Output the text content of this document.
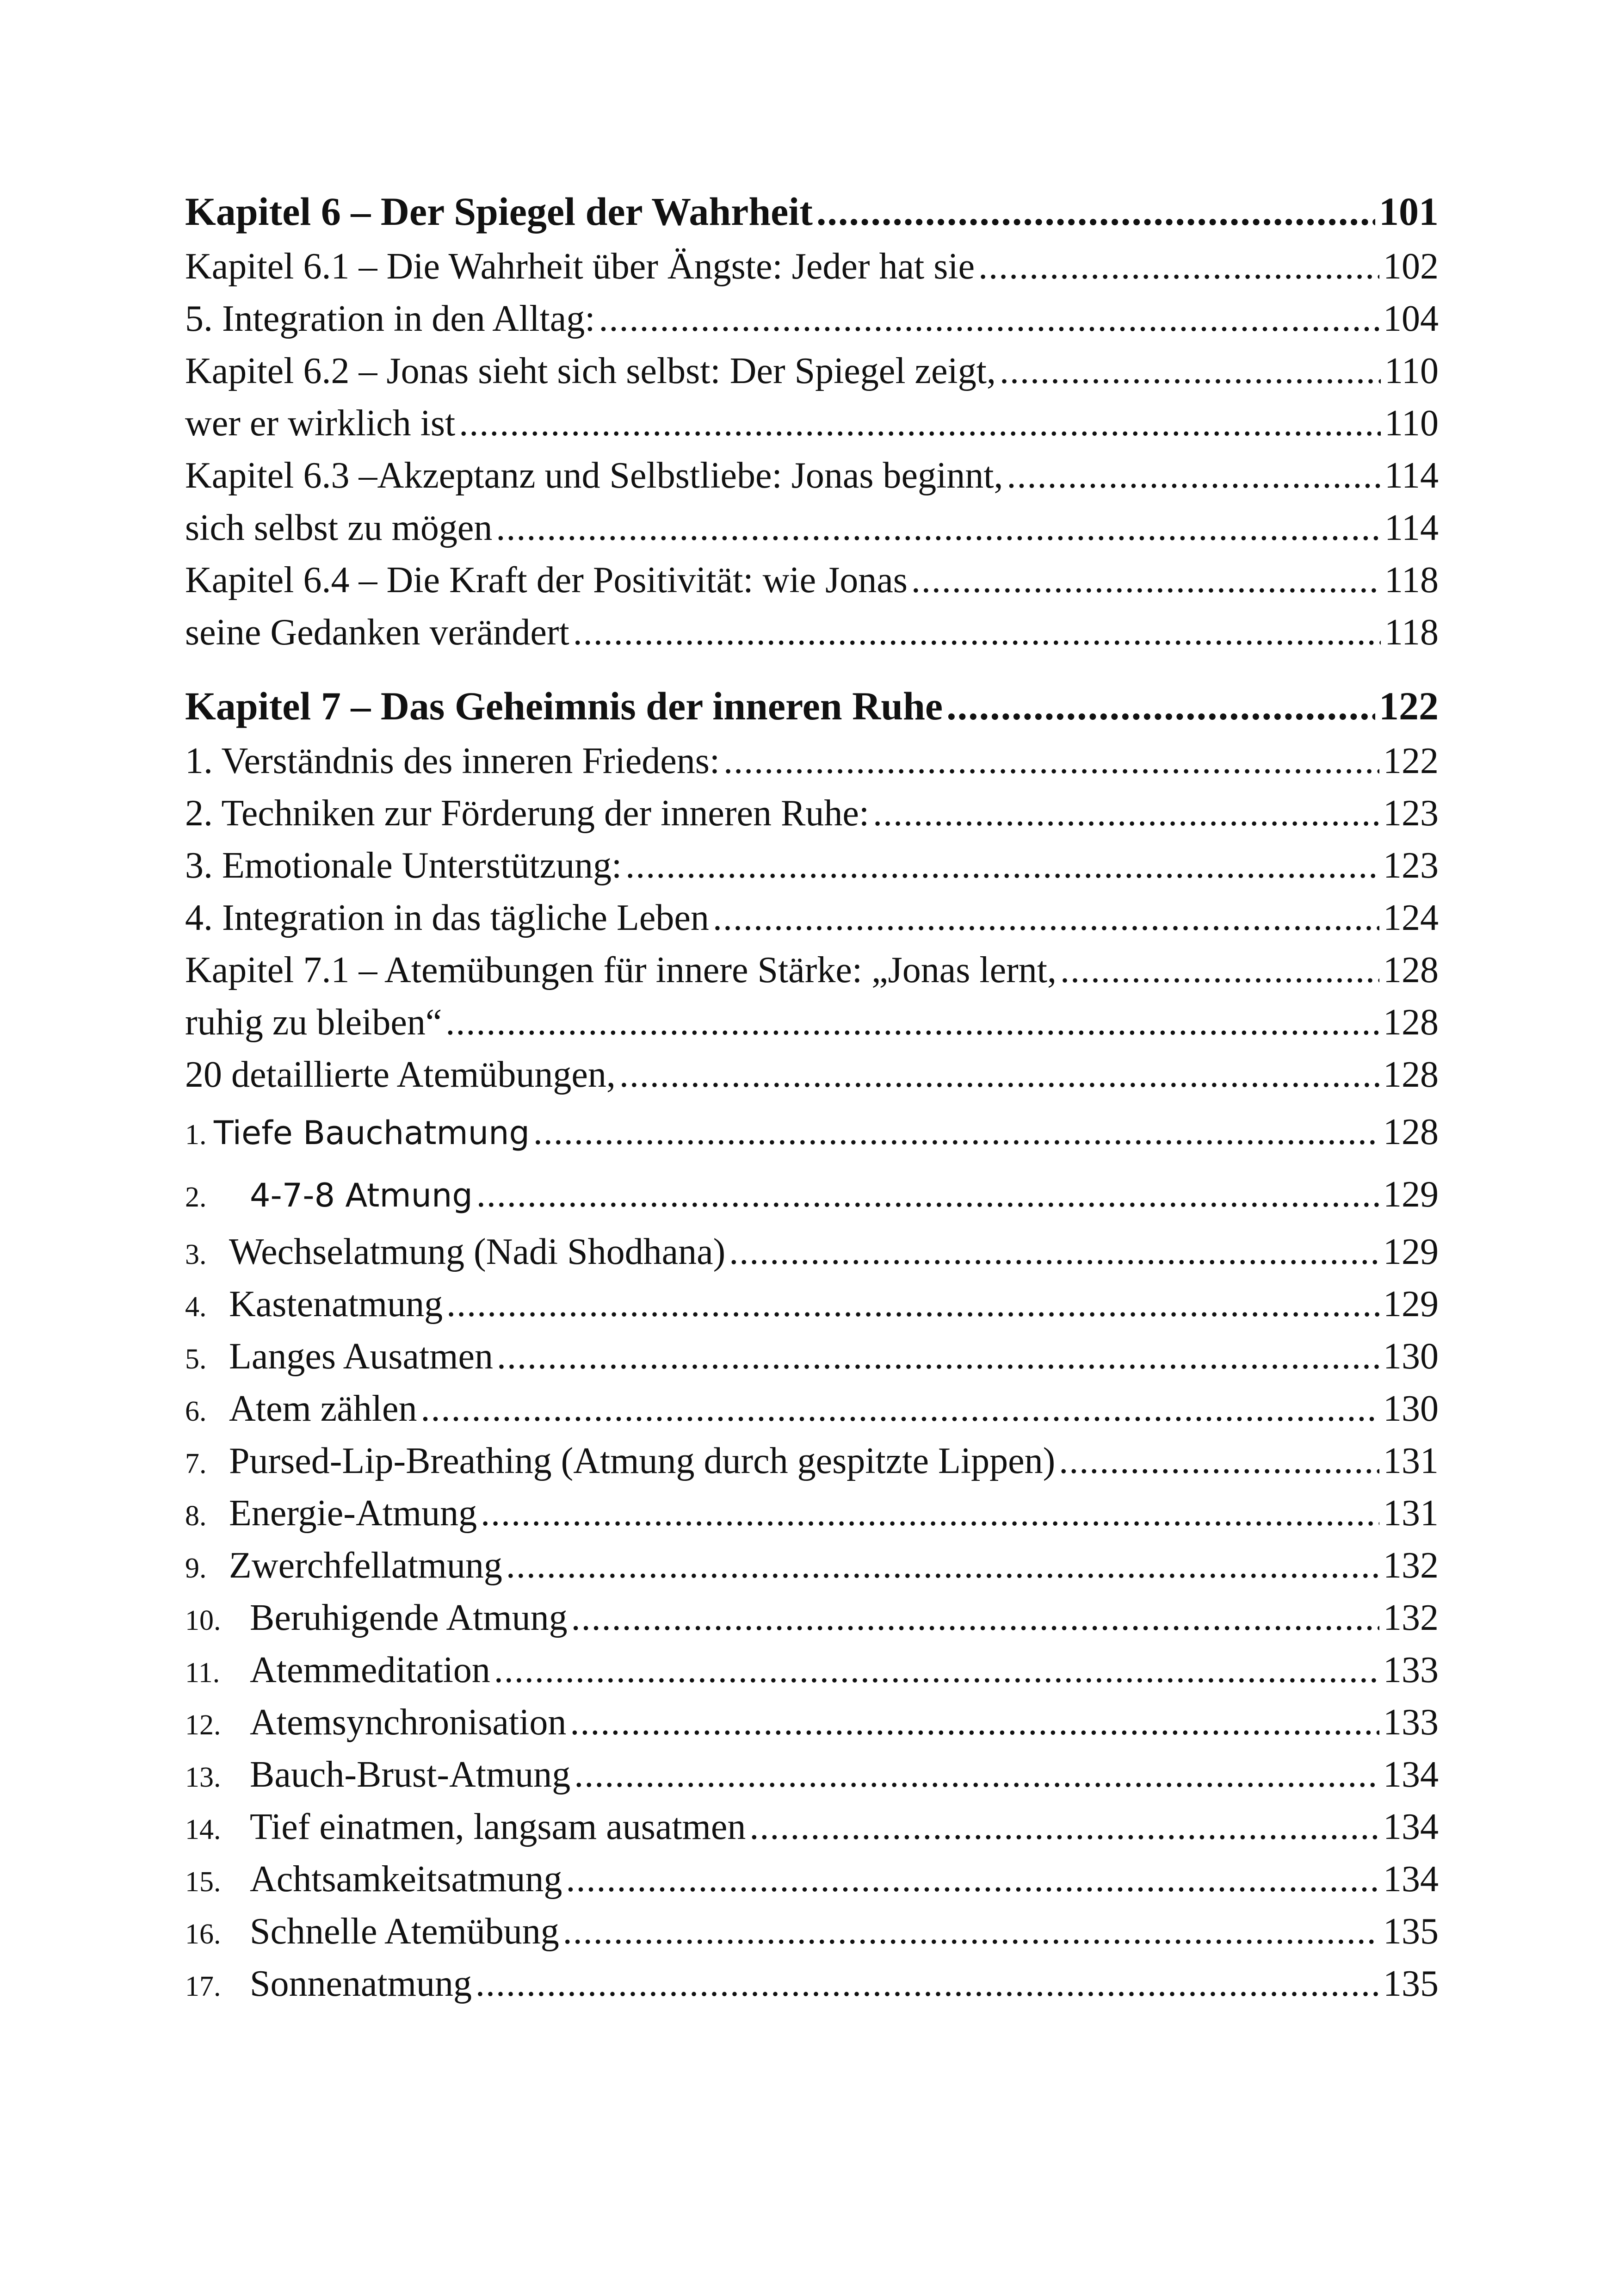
Kapitel 6 – Der Spiegel der Wahrheit .....	101
Kapitel 6.1 – Die Wahrheit über Ängste: Jeder hat sie .....	102
5. Integration in den Alltag: .....	104
Kapitel 6.2 – Jonas sieht sich selbst: Der Spiegel zeigt, .....	110
wer er wirklich ist .....	110
Kapitel 6.3 –Akzeptanz und Selbstliebe: Jonas beginnt, .....	114
sich selbst zu mögen .....	114
Kapitel 6.4 – Die Kraft der Positivität: wie Jonas .....	118
seine Gedanken verändert .....	118
Kapitel 7 – Das Geheimnis der inneren Ruhe .....	122
1. Verständnis des inneren Friedens: .....	122
2. Techniken zur Förderung der inneren Ruhe: .....	123
3. Emotionale Unterstützung: .....	123
4. Integration in das tägliche Leben .....	124
Kapitel 7.1 – Atemübungen für innere Stärke: „Jonas lernt, .....	128
ruhig zu bleiben“ .....	128
20 detaillierte Atemübungen, .....	128
1. Tiefe Bauchatmung .....	128
2.	4-7-8 Atmung .....	129
3. Wechselatmung (Nadi Shodhana) .....	129
4. Kastenatmung .....	129
5. Langes Ausatmen .....	130
6. Atem zählen .....	130
7. Pursed-Lip-Breathing (Atmung durch gespitzte Lippen) .....	131
8. Energie-Atmung .....	131
9. Zwerchfellatmung .....	132
10. Beruhigende Atmung .....	132
11. Atemmeditation .....	133
12. Atemsynchronisation .....	133
13. Bauch-Brust-Atmung .....	134
14. Tief einatmen, langsam ausatmen .....	134
15. Achtsamkeitsatmung .....	134
16. Schnelle Atemübung .....	135
17. Sonnenatmung .....	135
